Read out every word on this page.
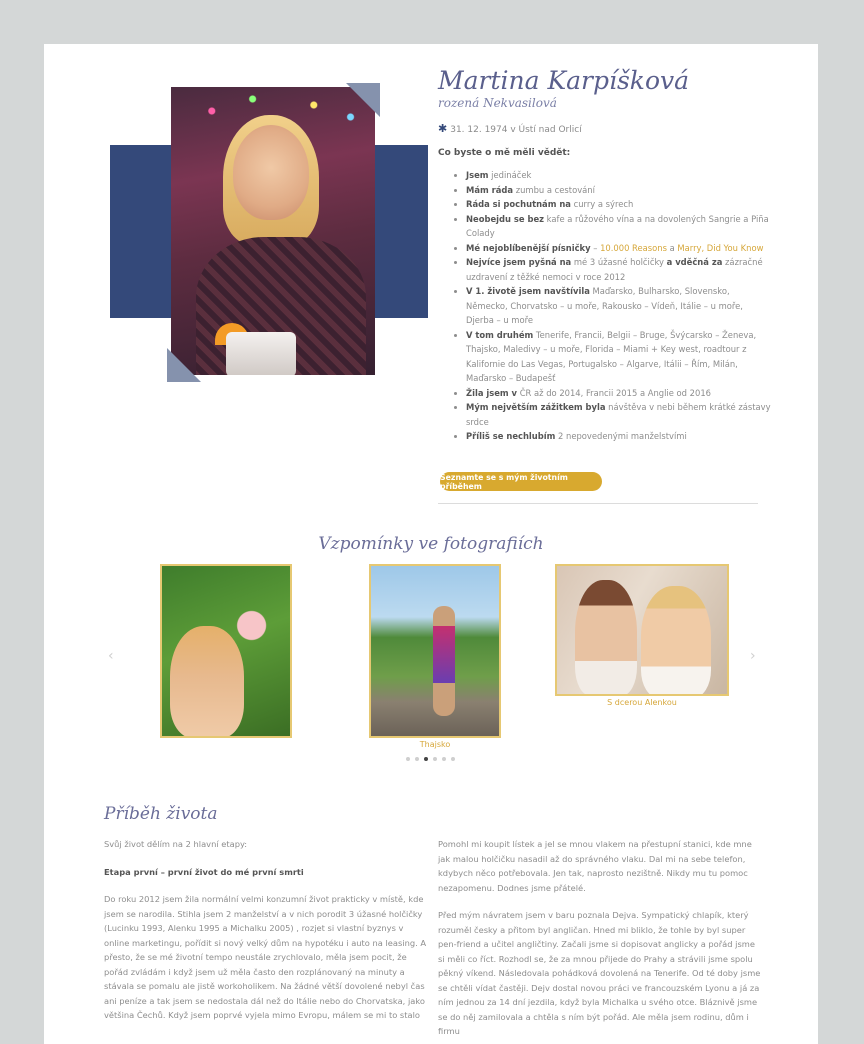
Martina Karpíšková
rozená Nekvasilová
✱ 31. 12. 1974 v Ústí nad Orlicí
Co byste o mě měli vědět:
• Jsem jedináček
• Mám ráda zumbu a cestování
• Ráda si pochutnám na curry a sýrech
• Neobejdu se bez kafe a růžového vína a na dovolených Sangrie a Piña Colady
• Mé nejoblíbenější písničky – 10.000 Reasons a Marry, Did You Know
• Nejvíce jsem pyšná na mé 3 úžasné holčičky a vděčná za zázračné uzdravení z těžké nemoci v roce 2012
• V 1. životě jsem navštívila Maďarsko, Bulharsko, Slovensko, Německo, Chorvatsko – u moře, Rakousko – Vídeň, Itálie – u moře, Djerba – u moře
• V tom druhém Tenerife, Francii, Belgii – Bruge, Švýcarsko – Ženeva, Thajsko, Maledivy – u moře, Florida – Miami + Key west, roadtour z Kalifornie do Las Vegas, Portugalsko – Algarve, Itálii – Řím, Milán, Maďarsko – Budapešť
• Žila jsem v ČR až do 2014, Francii 2015 a Anglie od 2016
• Mým největším zážitkem byla návštěva v nebi během krátké zástavy srdce
• Příliš se nechlubím 2 nepovedenými manželstvími
Seznamte se s mým životním příběhem
Vzpomínky ve fotografiích
‹	›
Thajsko
S dcerou Alenkou
Příběh života

Svůj život dělím na 2 hlavní etapy:

Etapa první – první život do mé první smrti

Do roku 2012 jsem žila normální velmi konzumní život prakticky v místě, kde jsem se narodila. Stihla jsem 2 manželství a v nich porodit 3 úžasné holčičky (Lucinku 1993, Alenku 1995 a Michalku 2005) , rozjet si vlastní byznys v online marketingu, pořídit si nový velký dům na hypotéku i auto na leasing. A přesto, že se mé životní tempo neustále zrychlovalo, měla jsem pocit, že pořád zvládám i když jsem už měla často den rozplánovaný na minuty a stávala se pomalu ale jistě workoholikem. Na žádné větší dovolené nebyl čas ani peníze a tak jsem se nedostala dál než do Itálie nebo do Chorvatska, jako většina Čechů. Když jsem poprvé vyjela mimo Evropu, málem se mi to stalo

Pomohl mi koupit lístek a jel se mnou vlakem na přestupní stanici, kde mne jak malou holčičku nasadil až do správného vlaku. Dal mi na sebe telefon, kdybych něco potřebovala. Jen tak, naprosto nezištně. Nikdy mu tu pomoc nezapomenu. Dodnes jsme přátelé.

Před mým návratem jsem v baru poznala Dejva. Sympatický chlapík, který rozuměl česky a přitom byl angličan. Hned mi bliklo, že tohle by byl super pen-friend a učitel angličtiny. Začali jsme si dopisovat anglicky a pořád jsme si měli co říct. Rozhodl se, že za mnou přijede do Prahy a strávili jsme spolu pěkný víkend. Následovala pohádková dovolená na Tenerife. Od té doby jsme se chtěli vídat častěji. Dejv dostal novou práci ve francouzském Lyonu a já za ním jednou za 14 dní jezdila, když byla Michalka u svého otce. Bláznivě jsme se do něj zamilovala a chtěla s ním být pořád. Ale měla jsem rodinu, dům i firmu
